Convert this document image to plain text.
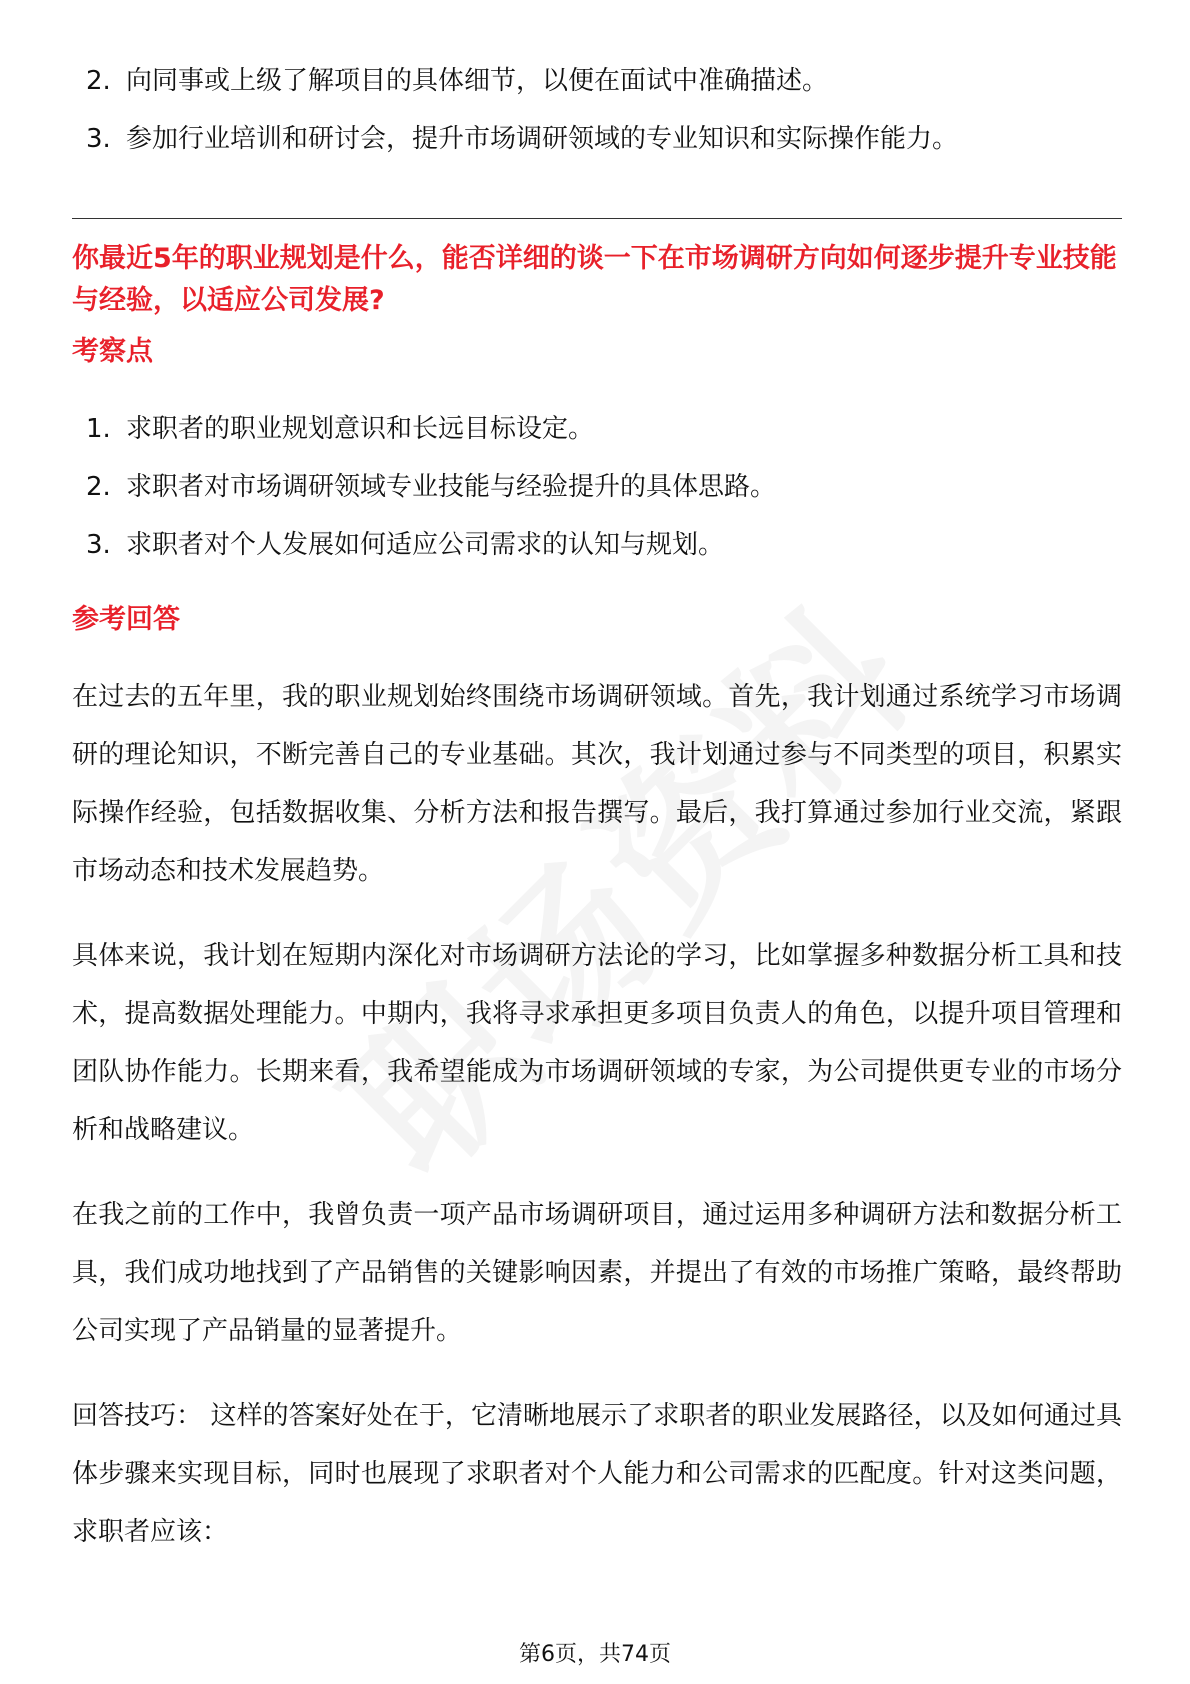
2. 向同事或上级了解项目的具体细节，以便在面试中准确描述。
3. 参加行业培训和研讨会，提升市场调研领域的专业知识和实际操作能力。
你最近5年的职业规划是什么，能否详细的谈一下在市场调研方向如何逐步提升专业技能与经验，以适应公司发展?
考察点
1. 求职者的职业规划意识和长远目标设定。
2. 求职者对市场调研领域专业技能与经验提升的具体思路。
3. 求职者对个人发展如何适应公司需求的认知与规划。
参考回答

在过去的五年里，我的职业规划始终围绕市场调研领域。首先，我计划通过系统学习市场调研的理论知识，不断完善自己的专业基础。其次，我计划通过参与不同类型的项目，积累实际操作经验，包括数据收集、分析方法和报告撰写。最后，我打算通过参加行业交流，紧跟市场动态和技术发展趋势。

具体来说，我计划在短期内深化对市场调研方法论的学习，比如掌握多种数据分析工具和技术，提高数据处理能力。中期内，我将寻求承担更多项目负责人的角色，以提升项目管理和团队协作能力。长期来看，我希望能成为市场调研领域的专家，为公司提供更专业的市场分析和战略建议。

在我之前的工作中，我曾负责一项产品市场调研项目，通过运用多种调研方法和数据分析工具，我们成功地找到了产品销售的关键影响因素，并提出了有效的市场推广策略，最终帮助公司实现了产品销量的显著提升。

回答技巧： 这样的答案好处在于，它清晰地展示了求职者的职业发展路径，以及如何通过具体步骤来实现目标，同时也展现了求职者对个人能力和公司需求的匹配度。针对这类问题，求职者应该：

第6页，共74页
